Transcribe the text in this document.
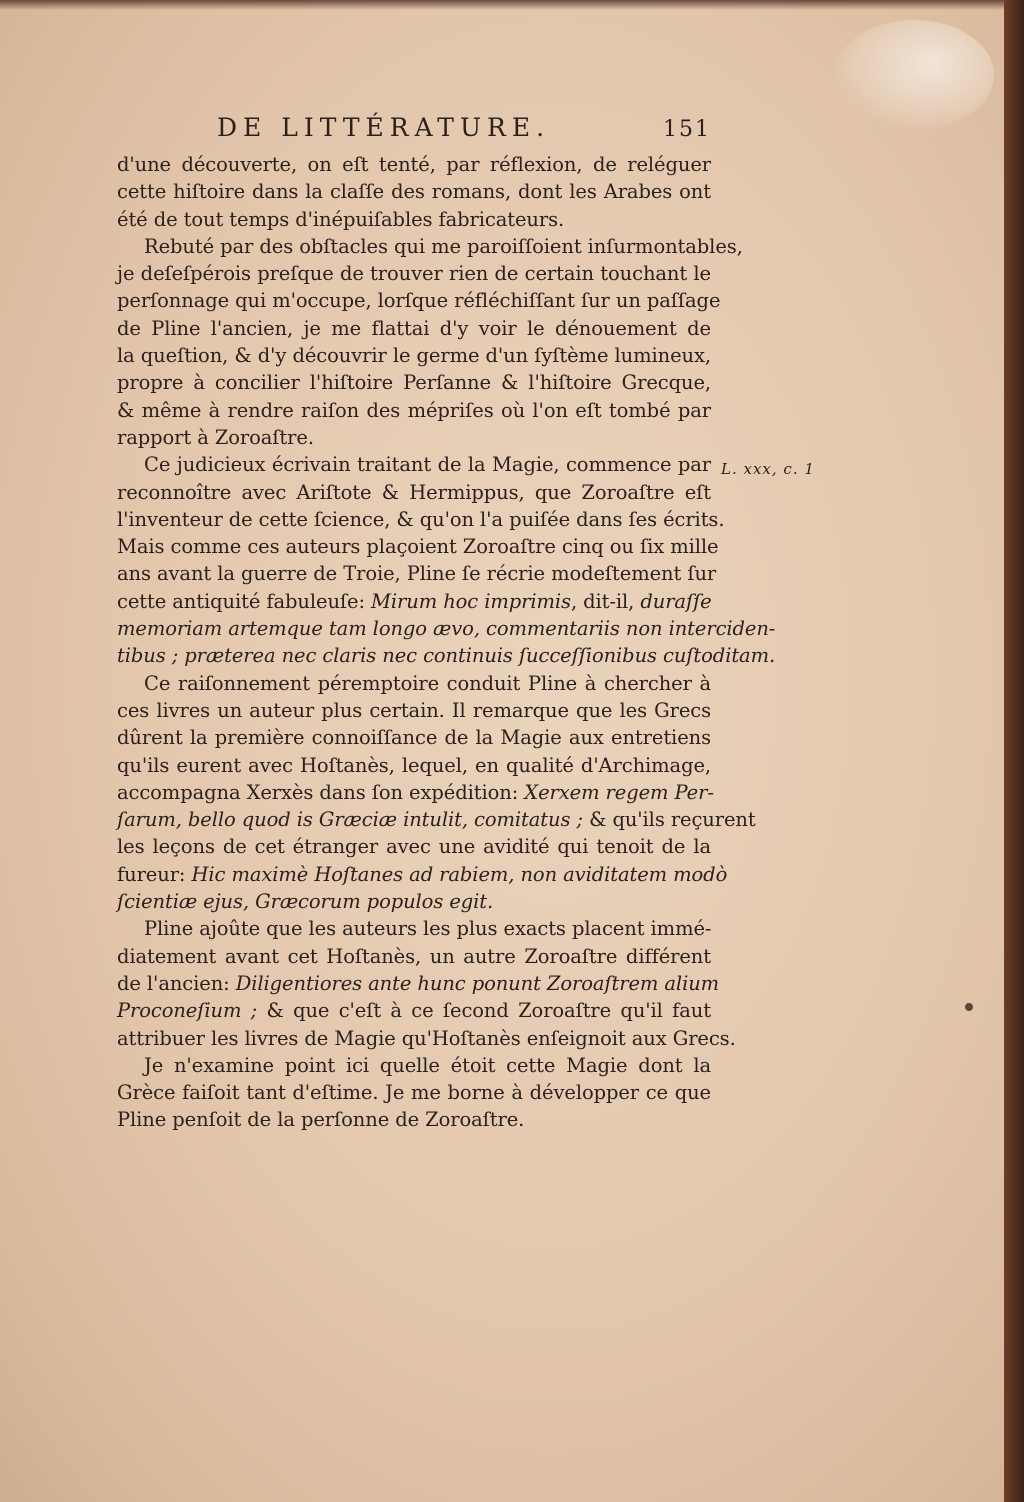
DE LITTÉRATURE.	151
d'une découverte, on eſt tenté, par réflexion, de reléguer
cette hiſtoire dans la claſſe des romans, dont les Arabes ont
été de tout temps d'inépuiſables fabricateurs.
Rebuté par des obſtacles qui me paroiſſoient inſurmontables,
je deſeſpérois preſque de trouver rien de certain touchant le
perſonnage qui m'occupe, lorſque réfléchiſſant ſur un paſſage
de Pline l'ancien, je me flattai d'y voir le dénouement de
la queſtion, & d'y découvrir le germe d'un ſyſtème lumineux,
propre à concilier l'hiſtoire Perſanne & l'hiſtoire Grecque,
& même à rendre raiſon des mépriſes où l'on eſt tombé par
rapport à Zoroaſtre.
Ce judicieux écrivain traitant de la Magie, commence par
reconnoître avec Ariſtote & Hermippus, que Zoroaſtre eſt
l'inventeur de cette ſcience, & qu'on l'a puiſée dans ſes écrits.
Mais comme ces auteurs plaçoient Zoroaſtre cinq ou ſix mille
ans avant la guerre de Troie, Pline ſe récrie modeſtement ſur
cette antiquité fabuleuſe: Mirum hoc imprimis, dit-il, duraſſe
memoriam artemque tam longo ævo, commentariis non interciden-
tibus ; præterea nec claris nec continuis ſucceſſionibus cuſtoditam.
Ce raiſonnement péremptoire conduit Pline à chercher à
ces livres un auteur plus certain. Il remarque que les Grecs
dûrent la première connoiſſance de la Magie aux entretiens
qu'ils eurent avec Hoſtanès, lequel, en qualité d'Archimage,
accompagna Xerxès dans ſon expédition: Xerxem regem Per-
ſarum, bello quod is Græciæ intulit, comitatus ; & qu'ils reçurent
les leçons de cet étranger avec une avidité qui tenoit de la
fureur: Hic maximè Hoſtanes ad rabiem, non aviditatem modò
ſcientiæ ejus, Græcorum populos egit.
Pline ajoûte que les auteurs les plus exacts placent immé-
diatement avant cet Hoſtanès, un autre Zoroaſtre différent
de l'ancien: Diligentiores ante hunc ponunt Zoroaſtrem alium
Proconeſium ; & que c'eſt à ce ſecond Zoroaſtre qu'il faut
attribuer les livres de Magie qu'Hoſtanès enſeignoit aux Grecs.
Je n'examine point ici quelle étoit cette Magie dont la
Grèce faiſoit tant d'eſtime. Je me borne à développer ce que
Pline penſoit de la perſonne de Zoroaſtre.
L. xxx, c. 1
